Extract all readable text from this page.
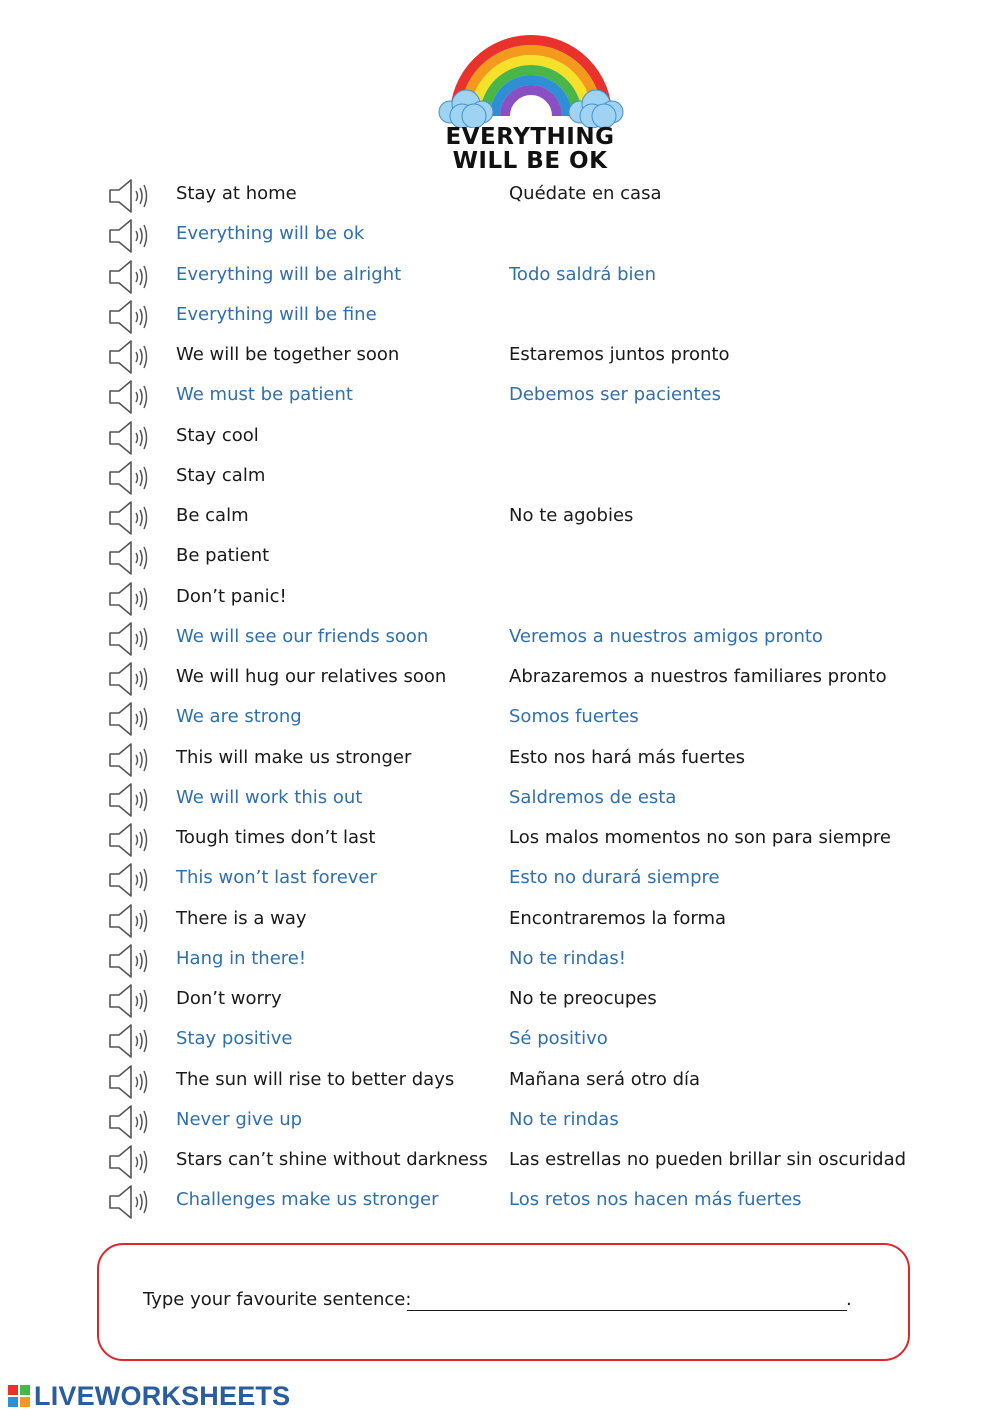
EVERYTHING
WILL BE OK
Stay at home
Everything will be ok
Everything will be alright
Everything will be fine
We will be together soon
We must be patient
Stay cool
Stay calm
Be calm
Be patient
Don’t panic!
We will see our friends soon
We will hug our relatives soon
We are strong
This will make us stronger
We will work this out
Tough times don’t last
This won’t last forever
There is a way
Hang in there!
Don’t worry
Stay positive
The sun will rise to better days
Never give up
Stars can’t shine without darkness
Challenges make us stronger
Quédate en casa
Todo saldrá bien
Estaremos juntos pronto
Debemos ser pacientes
No te agobies
Veremos a nuestros amigos pronto
Abrazaremos a nuestros familiares pronto
Somos fuertes
Esto nos hará más fuertes
Saldremos de esta
Los malos momentos no son para siempre
Esto no durará siempre
Encontraremos la forma
No te rindas!
No te preocupes
Sé positivo
Mañana será otro día
No te rindas
Las estrellas no pueden brillar sin oscuridad
Los retos nos hacen más fuertes
Type your favourite sentence:	.
LIVEWORKSHEETS
